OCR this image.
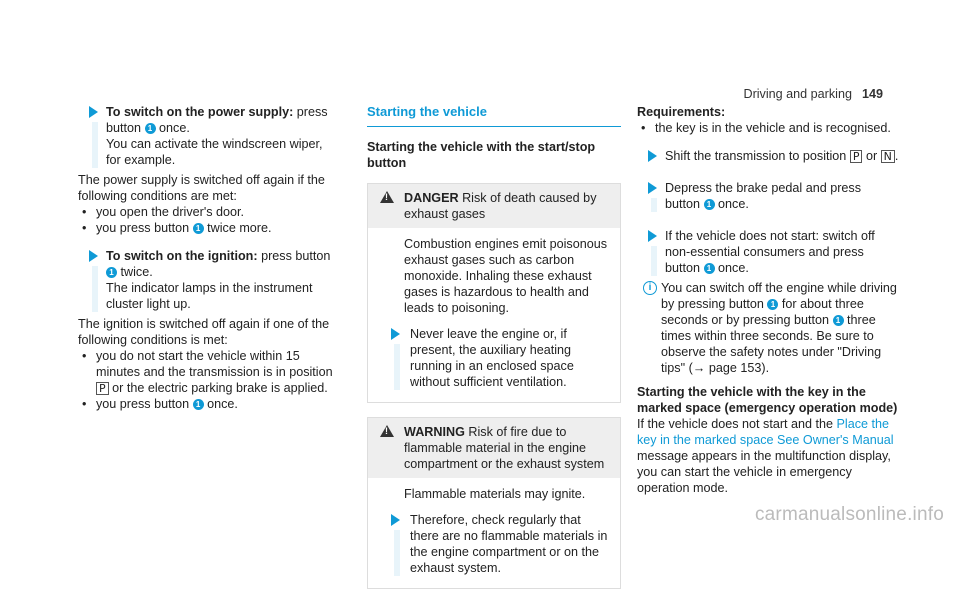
Driving and parking 149

To switch on the power supply: press button 1 once.

You can activate the windscreen wiper, for example.

The power supply is switched off again if the following conditions are met:

• you open the driver's door.
• you press button 1 twice more.

To switch on the ignition: press button 1 twice.

The indicator lamps in the instrument cluster light up.

The ignition is switched off again if one of the following conditions is met:

• you do not start the vehicle within 15 minutes and the transmission is in position P or the electric parking brake is applied.
• you press button 1 once.
Starting the vehicle
Starting the vehicle with the start/stop button
!
DANGER Risk of death caused by exhaust gases

Combustion engines emit poisonous exhaust gases such as carbon monoxide. Inhaling these exhaust gases is hazardous to health and leads to poisoning.

Never leave the engine or, if present, the auxiliary heating running in an enclosed space without sufficient ventilation.

!
WARNING Risk of fire due to flammable material in the engine compartment or the exhaust system

Flammable materials may ignite.

Therefore, check regularly that there are no flammable materials in the engine compartment or on the exhaust system.

Requirements:

• the key is in the vehicle and is recognised.

Shift the transmission to position P or N .

Depress the brake pedal and press button 1 once.

If the vehicle does not start: switch off non-essential consumers and press button 1 once.

i You can switch off the engine while driving by pressing button 1 for about three seconds or by pressing button 1 three times within three seconds. Be sure to observe the safety notes under "Driving tips" (→ page 153).

Starting the vehicle with the key in the marked space (emergency operation mode)

If the vehicle does not start and the Place the key in the marked space See Owner's Manual message appears in the multifunction display, you can start the vehicle in emergency operation mode.

carmanualsonline.info
